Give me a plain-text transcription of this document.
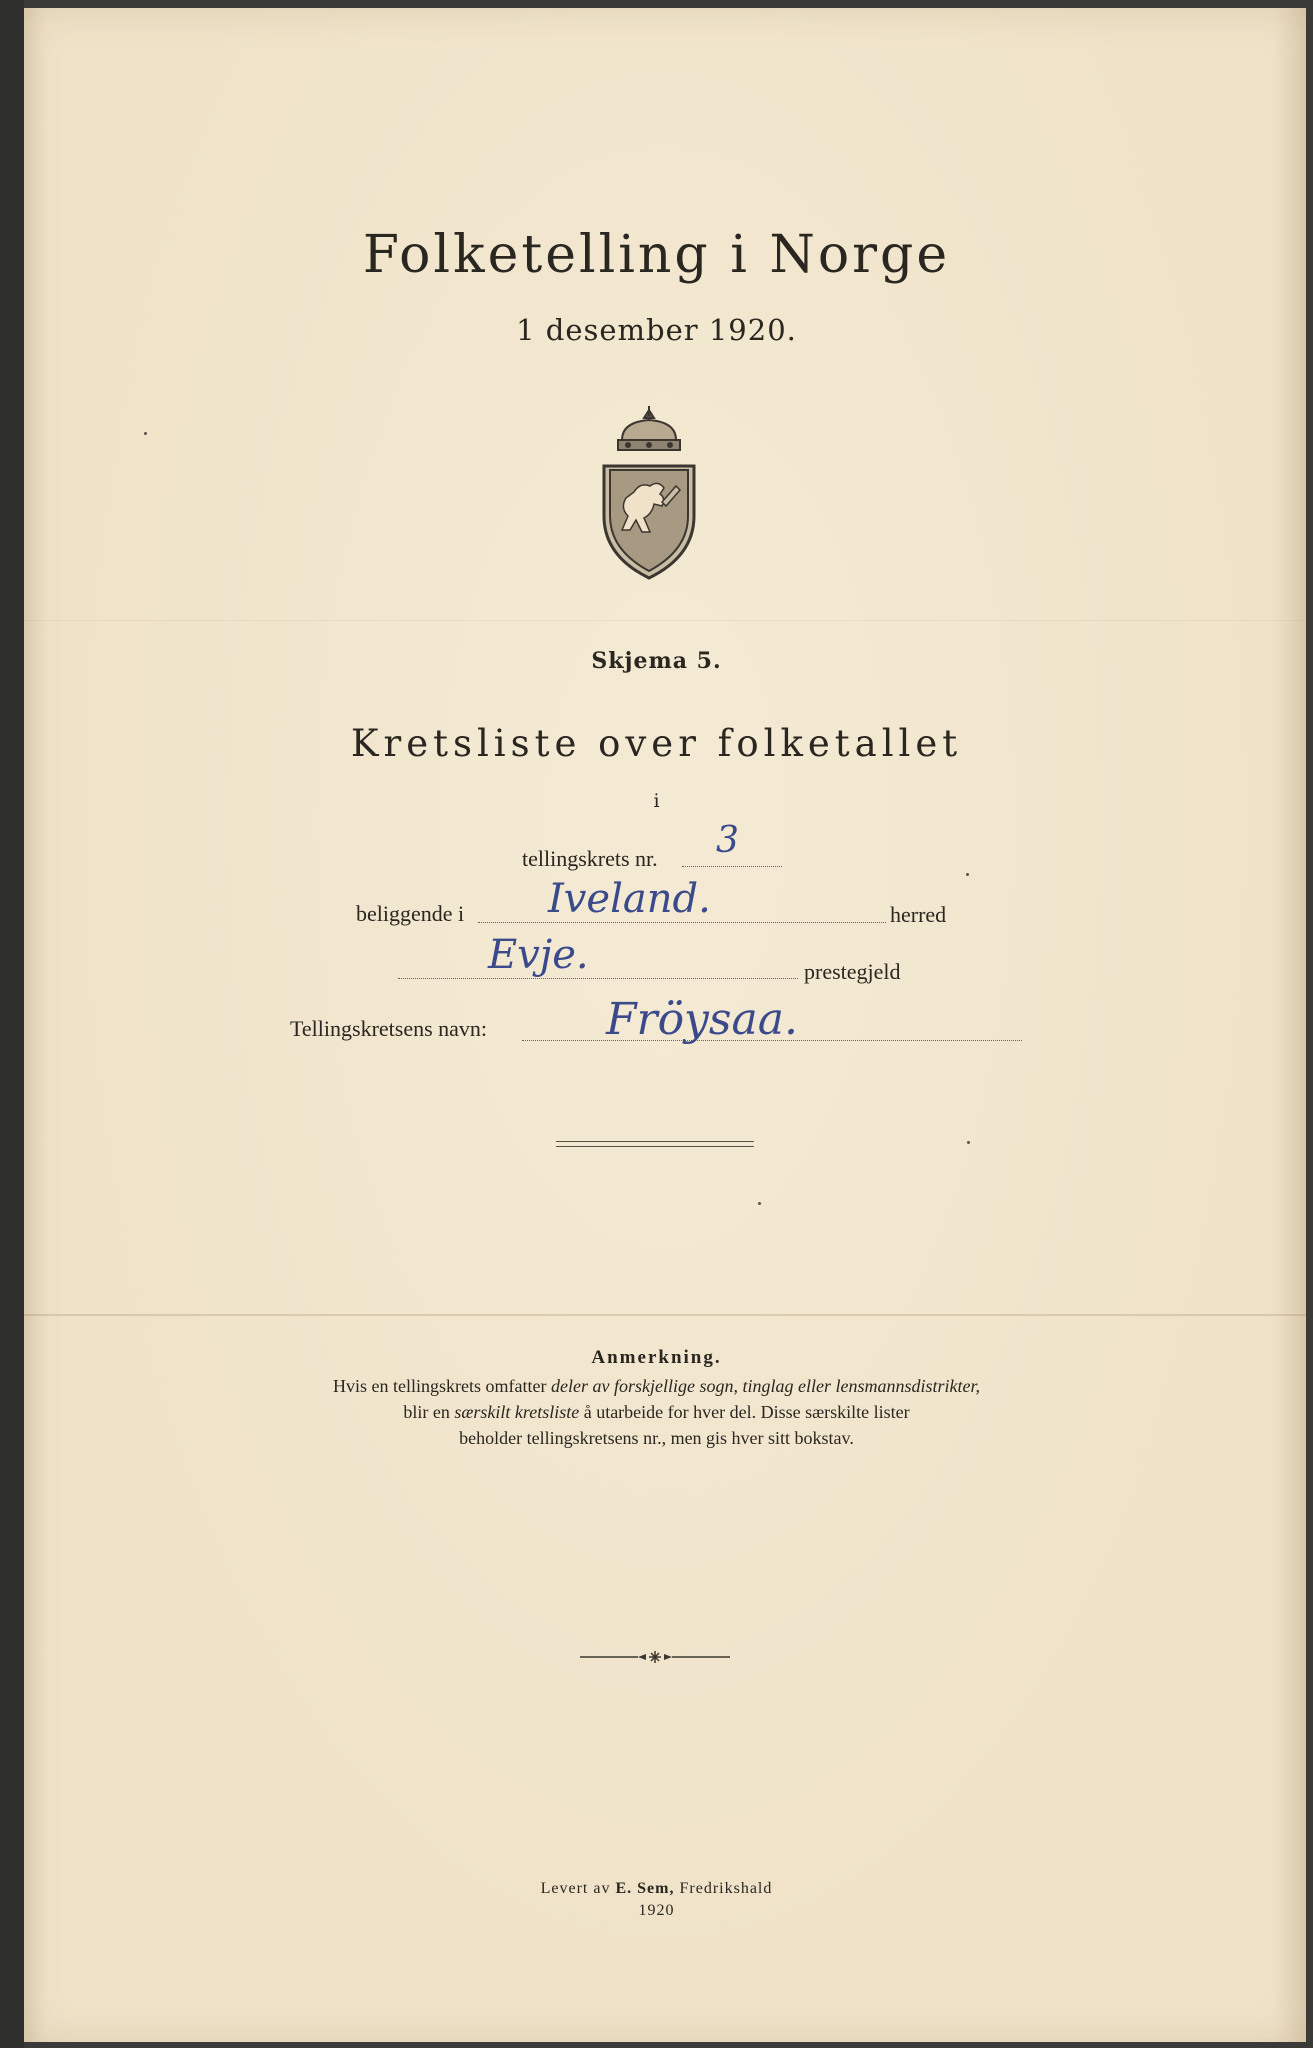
Folketelling i Norge
1 desember 1920.
Skjema 5.
Kretsliste over folketallet
i
tellingskrets nr. 3
beliggende i Iveland.	herred
Evje.	prestegjeld
Tellingskretsens navn:	Fröysaa.
Anmerkning.
Hvis en tellingskrets omfatter deler av forskjellige sogn, tinglag eller lensmannsdistrikter,
blir en særskilt kretsliste å utarbeide for hver del. Disse særskilte lister
beholder tellingskretsens nr., men gis hver sitt bokstav.
Levert av E. Sem, Fredrikshald
1920
